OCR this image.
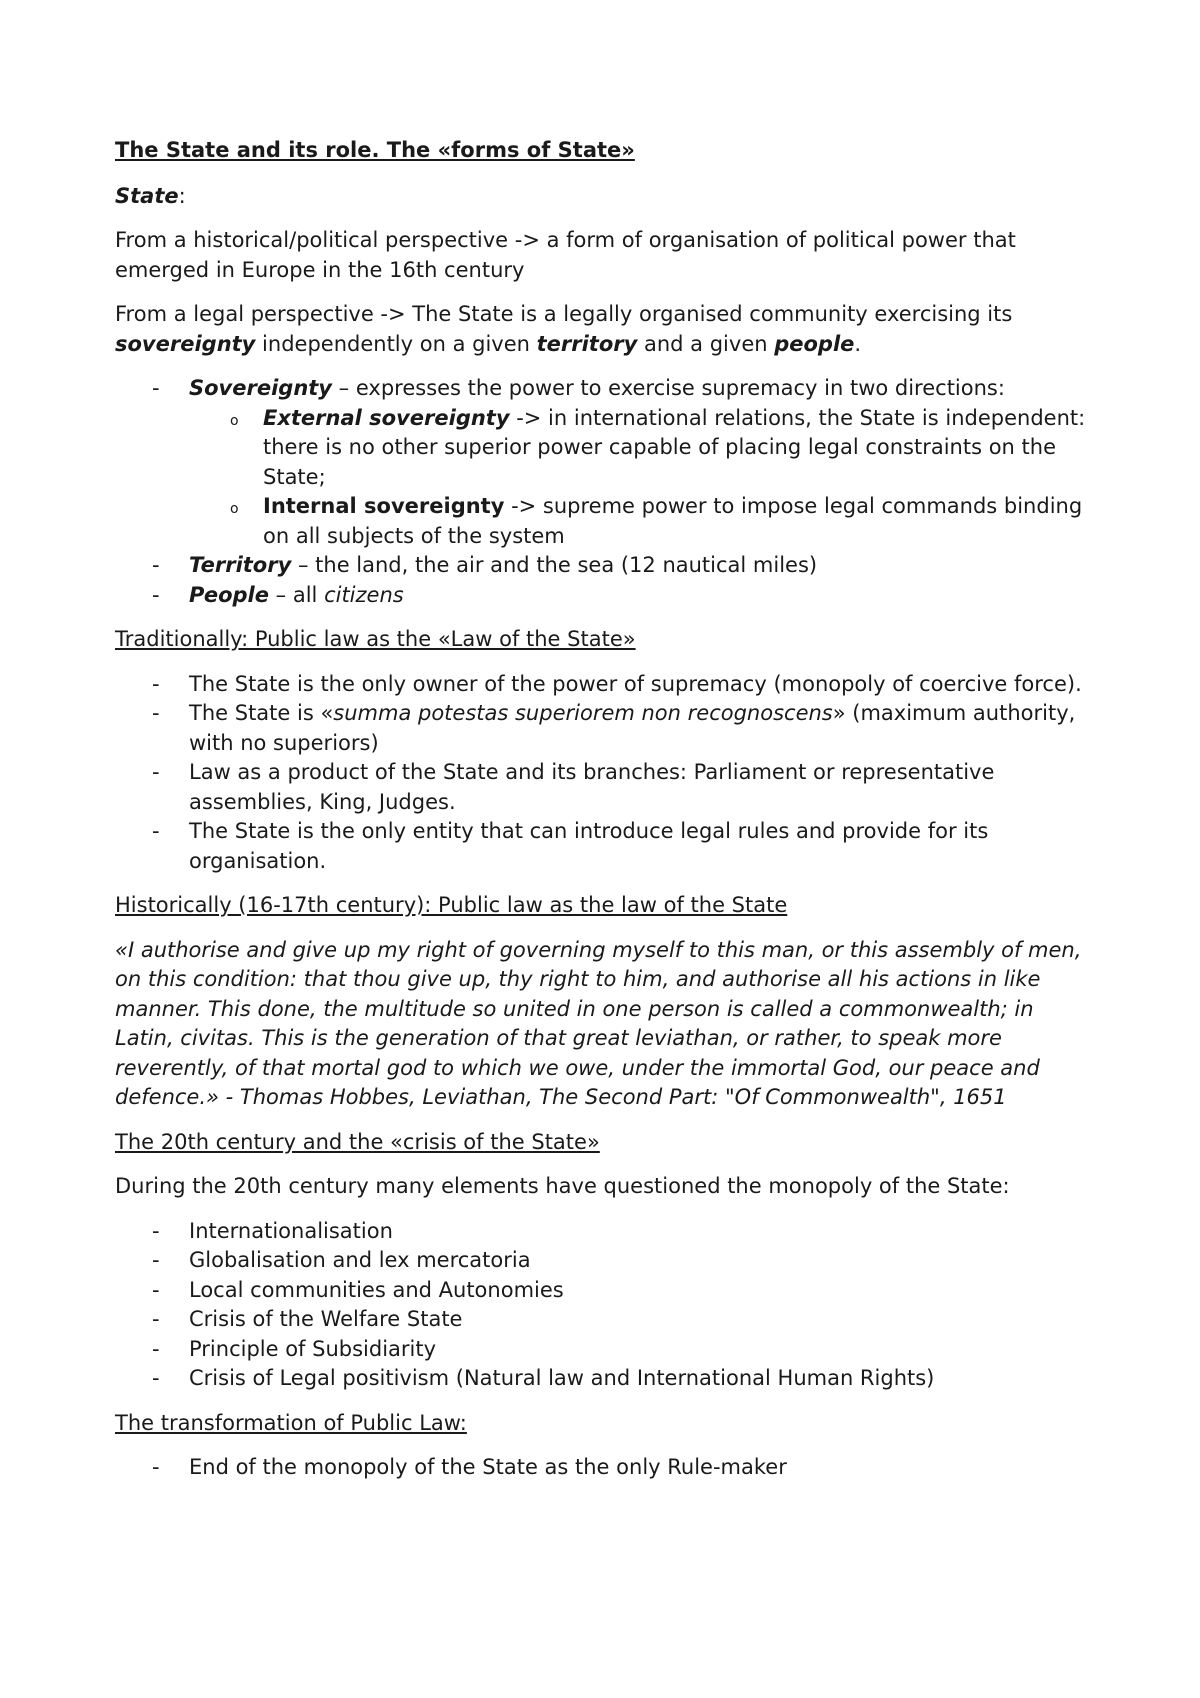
The State and its role. The «forms of State»

State:

From a historical/political perspective -> a form of organisation of political power that emerged in Europe in the 16th century

From a legal perspective -> The State is a legally organised community exercising its sovereignty independently on a given territory and a given people.

- Sovereignty – expresses the power to exercise supremacy in two directions:
o External sovereignty -> in international relations, the State is independent: there is no other superior power capable of placing legal constraints on the State;
o Internal sovereignty -> supreme power to impose legal commands binding on all subjects of the system
- Territory – the land, the air and the sea (12 nautical miles)
- People – all citizens

Traditionally: Public law as the «Law of the State»

- The State is the only owner of the power of supremacy (monopoly of coercive force).
- The State is «summa potestas superiorem non recognoscens» (maximum authority, with no superiors)
- Law as a product of the State and its branches: Parliament or representative assemblies, King, Judges.
- The State is the only entity that can introduce legal rules and provide for its organisation.

Historically (16-17th century): Public law as the law of the State

«I authorise and give up my right of governing myself to this man, or this assembly of men, on this condition: that thou give up, thy right to him, and authorise all his actions in like manner. This done, the multitude so united in one person is called a commonwealth; in Latin, civitas. This is the generation of that great leviathan, or rather, to speak more reverently, of that mortal god to which we owe, under the immortal God, our peace and defence.» - Thomas Hobbes, Leviathan, The Second Part: "Of Commonwealth", 1651

The 20th century and the «crisis of the State»

During the 20th century many elements have questioned the monopoly of the State:

- Internationalisation
- Globalisation and lex mercatoria
- Local communities and Autonomies
- Crisis of the Welfare State
- Principle of Subsidiarity
- Crisis of Legal positivism (Natural law and International Human Rights)

The transformation of Public Law:

- End of the monopoly of the State as the only Rule-maker
